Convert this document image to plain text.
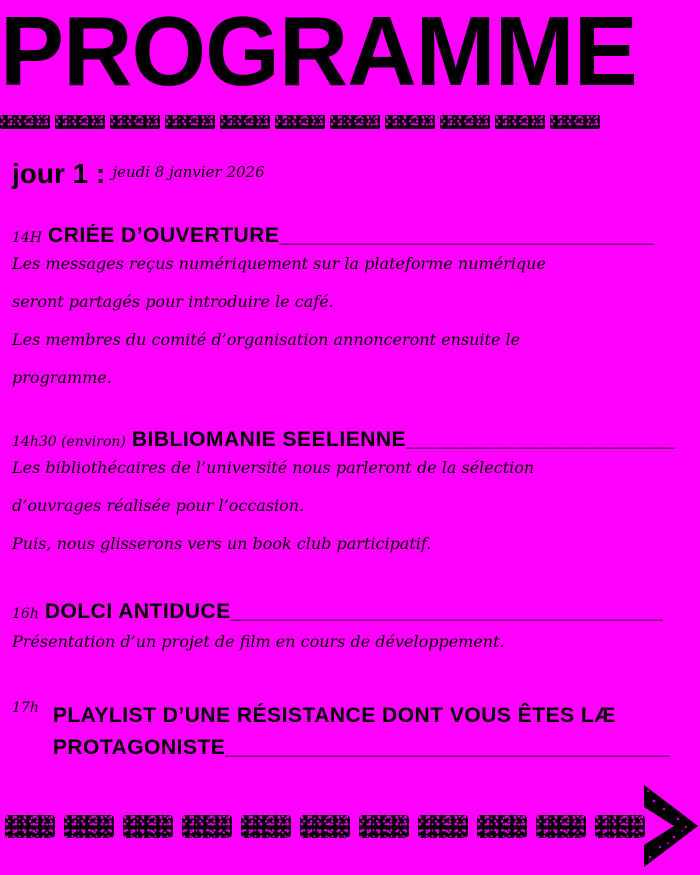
PROGRAMME
jour 1 : jeudi 8 janvier 2026
14H CRIÉE D’OUVERTURE ________________________________

Les messages reçus numériquement sur la plateforme numérique

seront partagés pour introduire le café.

Les membres du comité d’organisation annonceront ensuite le

programme.

14h30 (environ) BIBLIOMANIE SEELIENNE _______________________

Les bibliothécaires de l’université nous parleront de la sélection

d’ouvrages réalisée pour l’occasion.

Puis, nous glisserons vers un book club participatif.

16h DOLCI ANTIDUCE _____________________________________

Présentation d’un projet de film en cours de développement.

17h PLAYLIST D’UNE RÉSISTANCE DONT VOUS ÊTES LÆ
PROTAGONISTE______________________________________
